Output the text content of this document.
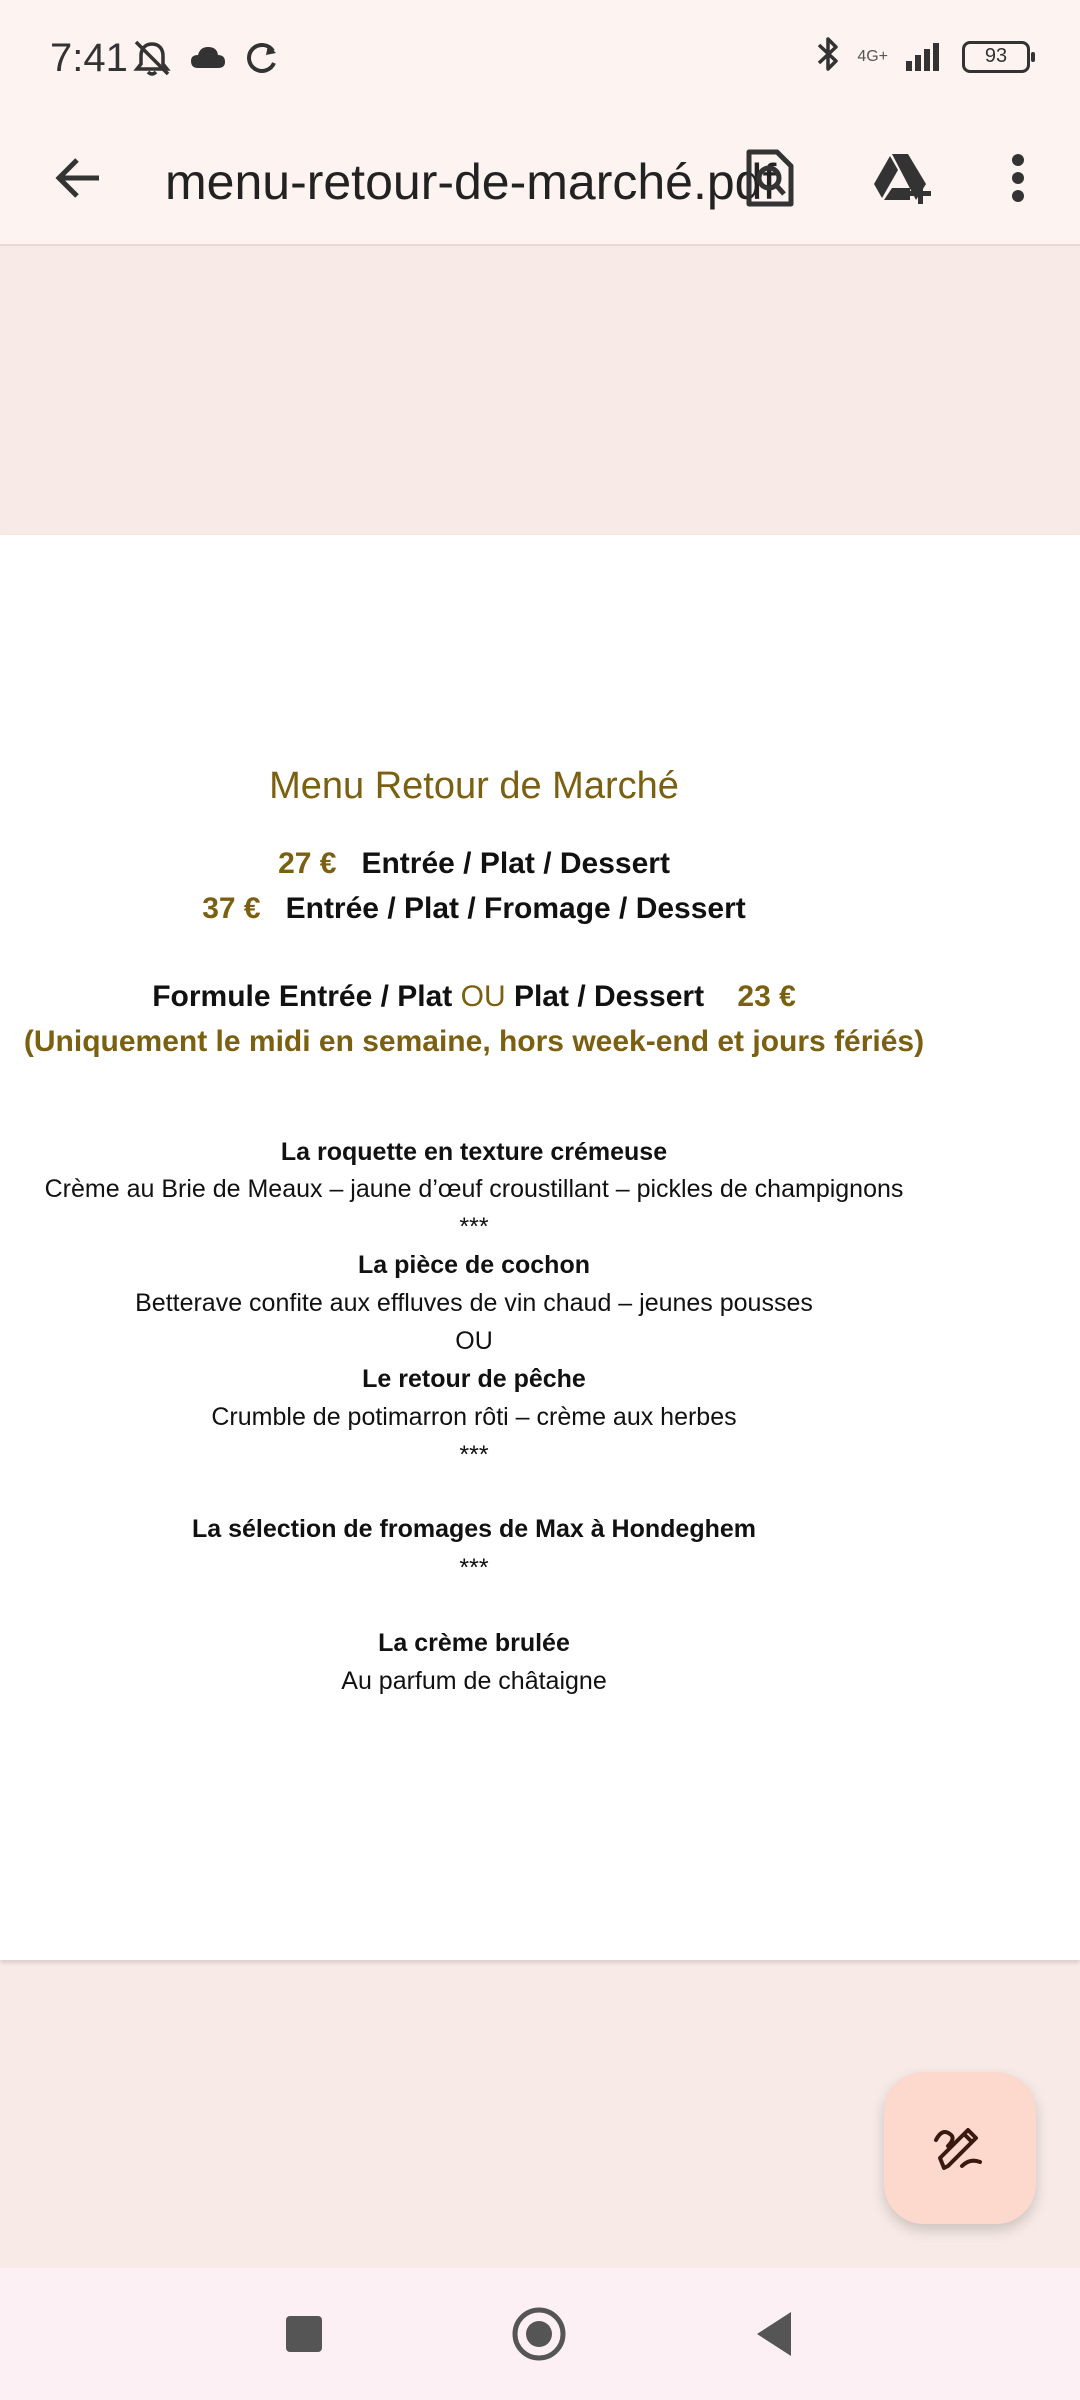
7:41	4G+	93
menu-retour-de-marché.pdf
Menu Retour de Marché
27 € Entrée / Plat / Dessert
37 € Entrée / Plat / Fromage / Dessert
Formule Entrée / Plat OU Plat / Dessert 23 €
(Uniquement le midi en semaine, hors week-end et jours fériés)
La roquette en texture crémeuse
Crème au Brie de Meaux – jaune d’œuf croustillant – pickles de champignons
***
La pièce de cochon
Betterave confite aux effluves de vin chaud – jeunes pousses
OU
Le retour de pêche
Crumble de potimarron rôti – crème aux herbes
***
La sélection de fromages de Max à Hondeghem
***
La crème brulée
Au parfum de châtaigne
